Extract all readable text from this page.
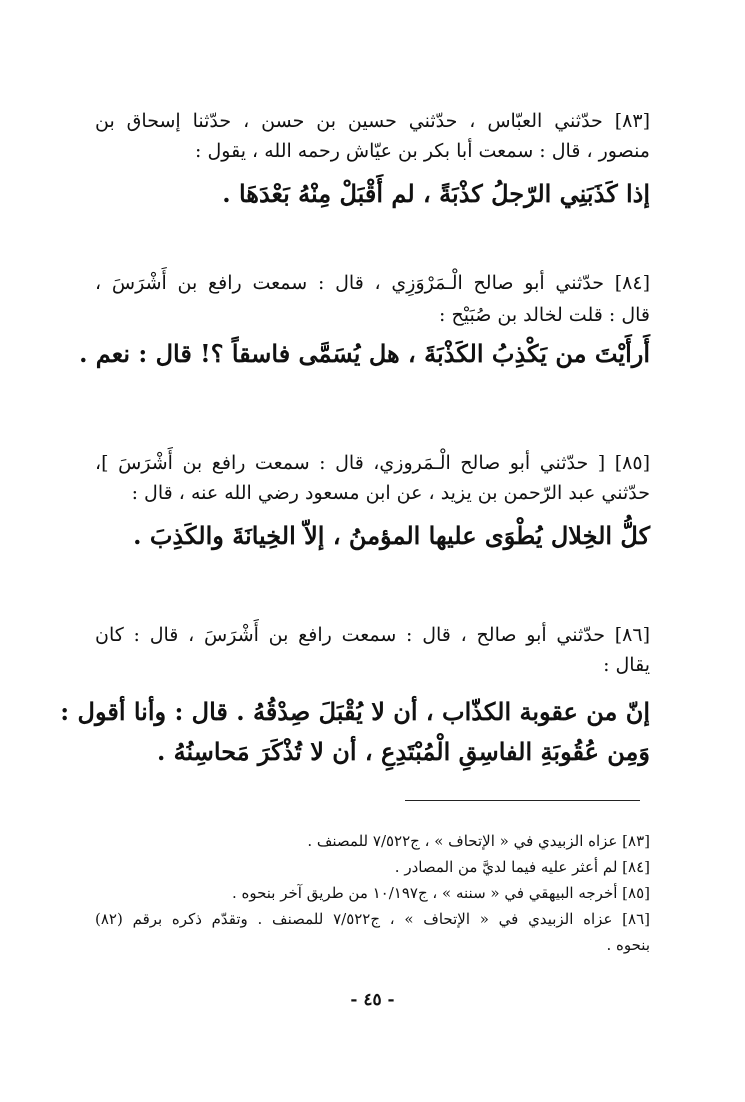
[٨٣] حدّثني العبّاس ، حدّثني حسين بن حسن ، حدّثنا إسحاق بن
منصور ، قال : سمعت أبا بكر بن عيّاش رحمه الله ، يقول :
إذا كَذَبَنِي الرّجلُ كذْبَةً ، لم أَقْبَلْ مِنْهُ بَعْدَهَا .
[٨٤] حدّثني أبو صالح الْـمَرْوَزِي ، قال : سمعت رافع بن أَشْرَسَ ،
قال : قلت لخالد بن صُبَيْح :
أَرأَيْتَ من يَكْذِبُ الكَذْبَةَ ، هل يُسَمَّى فاسقاً ؟! قال : نعم .
[٨٥] [ حدّثني أبو صالح الْـمَروزي، قال : سمعت رافع بن أَشْرَسَ ]،
حدّثني عبد الرّحمن بن يزيد ، عن ابن مسعود رضي الله عنه ، قال :
كلُّ الخِلال يُطْوَى عليها المؤمنُ ، إلاّ الخِيانَةَ والكَذِبَ .
[٨٦] حدّثني أبو صالح ، قال : سمعت رافع بن أَشْرَسَ ، قال : كان
يقال :
إنّ من عقوبة الكذّاب ، أن لا يُقْبَلَ صِدْقُهُ . قال : وأنا أقول :
وَمِن عُقُوبَةِ الفاسِقِ الْمُبْتَدِعِ ، أن لا تُذْكَرَ مَحاسِنُهُ .
[٨٣] عزاه الزبيدي في « الإتحاف » ، ج٧/٥٢٢ للمصنف .
[٨٤] لم أعثر عليه فيما لديَّ من المصادر .
[٨٥] أخرجه البيهقي في « سننه » ، ج١٠/١٩٧ من طريق آخر بنحوه .
[٨٦] عزاه الزبيدي في « الإتحاف » ، ج٧/٥٢٢ للمصنف . وتقدّم ذكره برقم (٨٢)
بنحوه .
- ٤٥ -
